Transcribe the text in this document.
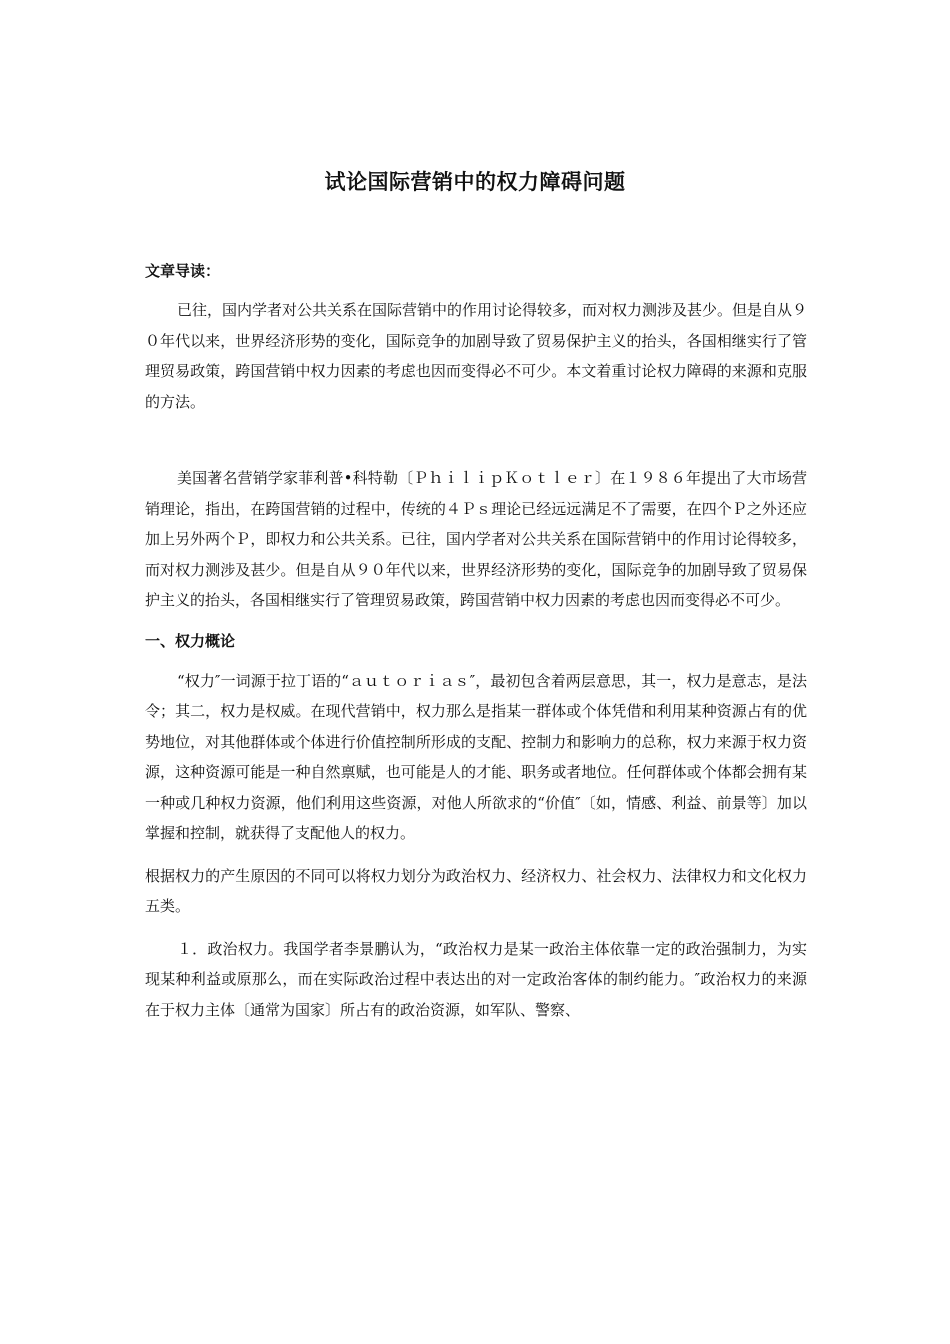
试论国际营销中的权力障碍问题

文章导读：

已往，国内学者对公共关系在国际营销中的作用讨论得较多，而对权力测涉及甚少。但是自从９０年代以来，世界经济形势的变化，国际竞争的加剧导致了贸易保护主义的抬头，各国相继实行了管理贸易政策，跨国营销中权力因素的考虑也因而变得必不可少。本文着重讨论权力障碍的来源和克服的方法。

美国著名营销学家菲利普•科特勒〔ＰｈｉｌｉｐＫｏｔｌｅｒ〕在１９８６年提出了大市场营销理论，指出，在跨国营销的过程中，传统的４Ｐｓ理论已经远远满足不了需要，在四个Ｐ之外还应加上另外两个Ｐ，即权力和公共关系。已往，国内学者对公共关系在国际营销中的作用讨论得较多，而对权力测涉及甚少。但是自从９０年代以来，世界经济形势的变化，国际竞争的加剧导致了贸易保护主义的抬头，各国相继实行了管理贸易政策，跨国营销中权力因素的考虑也因而变得必不可少。

一、权力概论

“权力″一词源于拉丁语的“ａｕｔｏｒｉａｓ″，最初包含着两层意思，其一，权力是意志，是法令；其二，权力是权威。在现代营销中，权力那么是指某一群体或个体凭借和利用某种资源占有的优势地位，对其他群体或个体进行价值控制所形成的支配、控制力和影响力的总称，权力来源于权力资源，这种资源可能是一种自然禀赋，也可能是人的才能、职务或者地位。任何群体或个体都会拥有某一种或几种权力资源，他们利用这些资源，对他人所欲求的“价值″〔如，情感、利益、前景等〕加以掌握和控制，就获得了支配他人的权力。

根据权力的产生原因的不同可以将权力划分为政治权力、经济权力、社会权力、法律权力和文化权力五类。

１．政治权力。我国学者李景鹏认为，“政治权力是某一政治主体依靠一定的政治强制力，为实现某种利益或原那么，而在实际政治过程中表达出的对一定政治客体的制约能力。″政治权力的来源在于权力主体〔通常为国家〕所占有的政治资源，如军队、警察、
